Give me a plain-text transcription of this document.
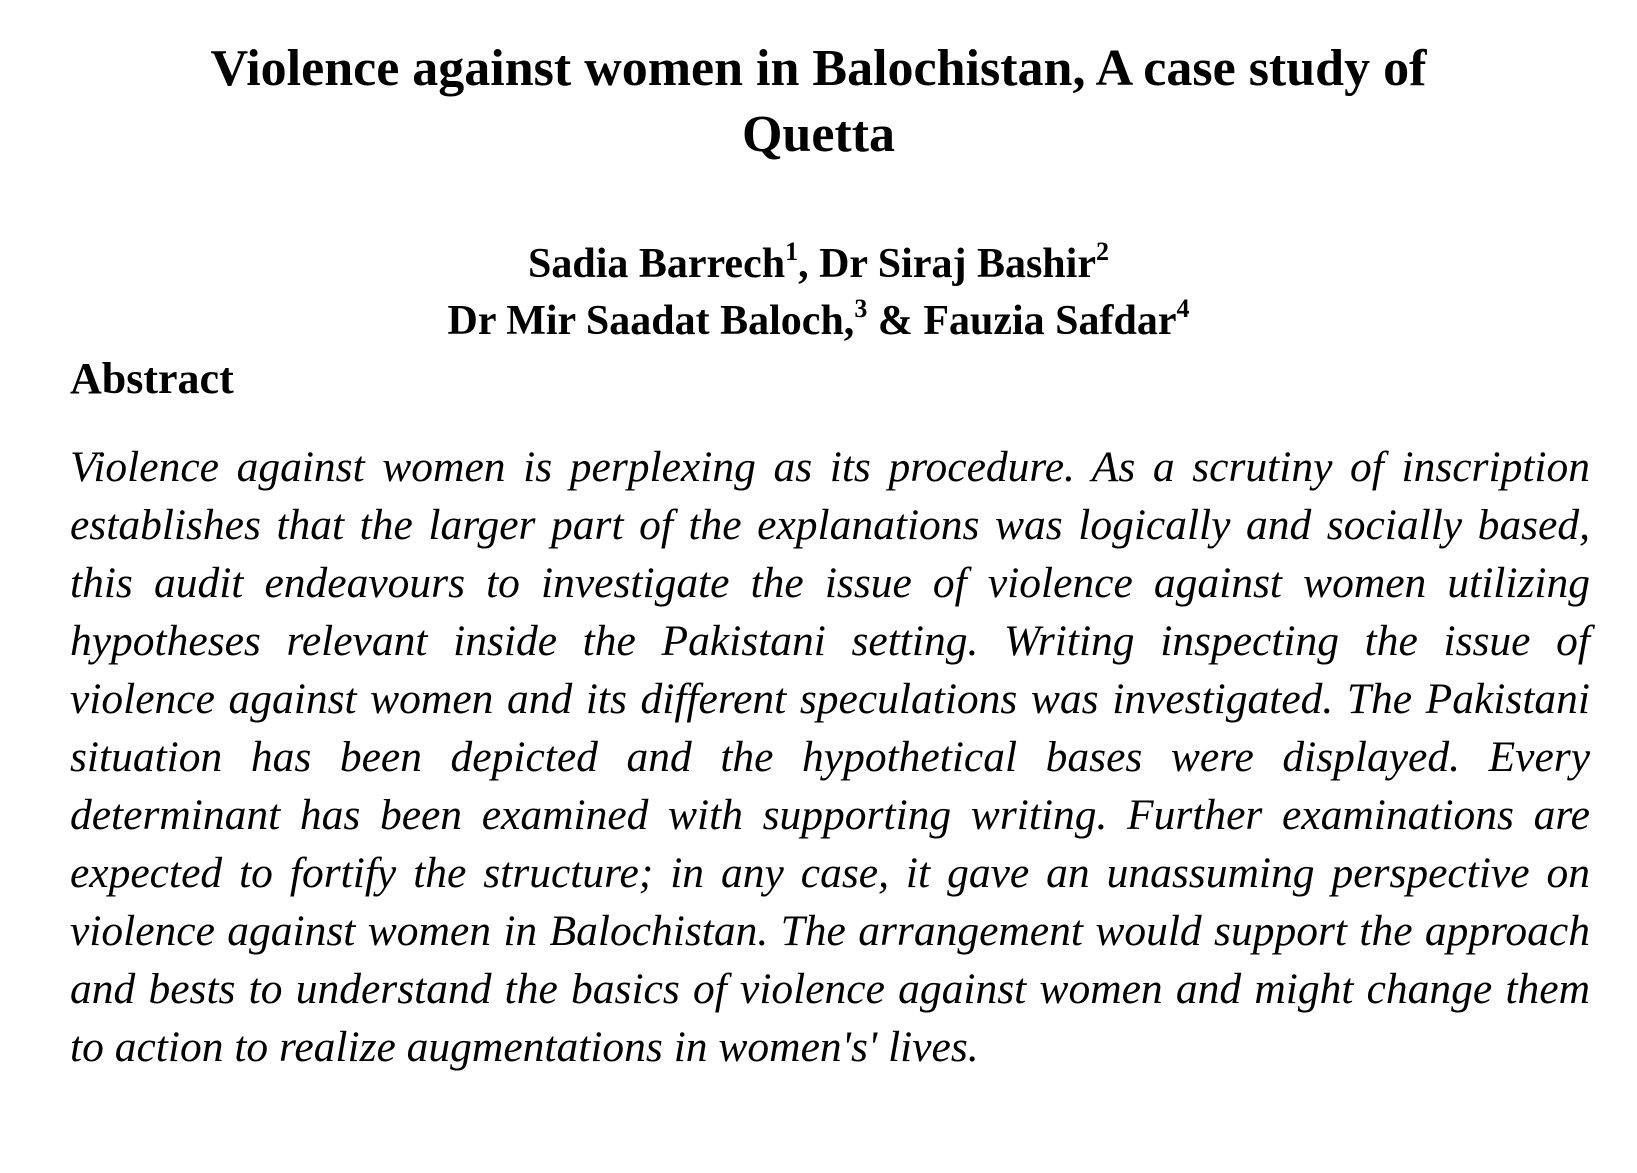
Violence against women in Balochistan, A case study of
Quetta
Sadia Barrech$^1$, Dr Siraj Bashir$^2$
Dr Mir Saadat Baloch,$^3$ & Fauzia Safdar$^4$
Abstract

Violence against women is perplexing as its procedure. As a scrutiny of inscription establishes that the larger part of the explanations was logically and socially based, this audit endeavours to investigate the issue of violence against women utilizing hypotheses relevant inside the Pakistani setting. Writing inspecting the issue of violence against women and its different speculations was investigated. The Pakistani situation has been depicted and the hypothetical bases were displayed. Every determinant has been examined with supporting writing. Further examinations are expected to fortify the structure; in any case, it gave an unassuming perspective on violence against women in Balochistan. The arrangement would support the approach and bests to understand the basics of violence against women and might change them to action to realize augmentations in women's' lives.
